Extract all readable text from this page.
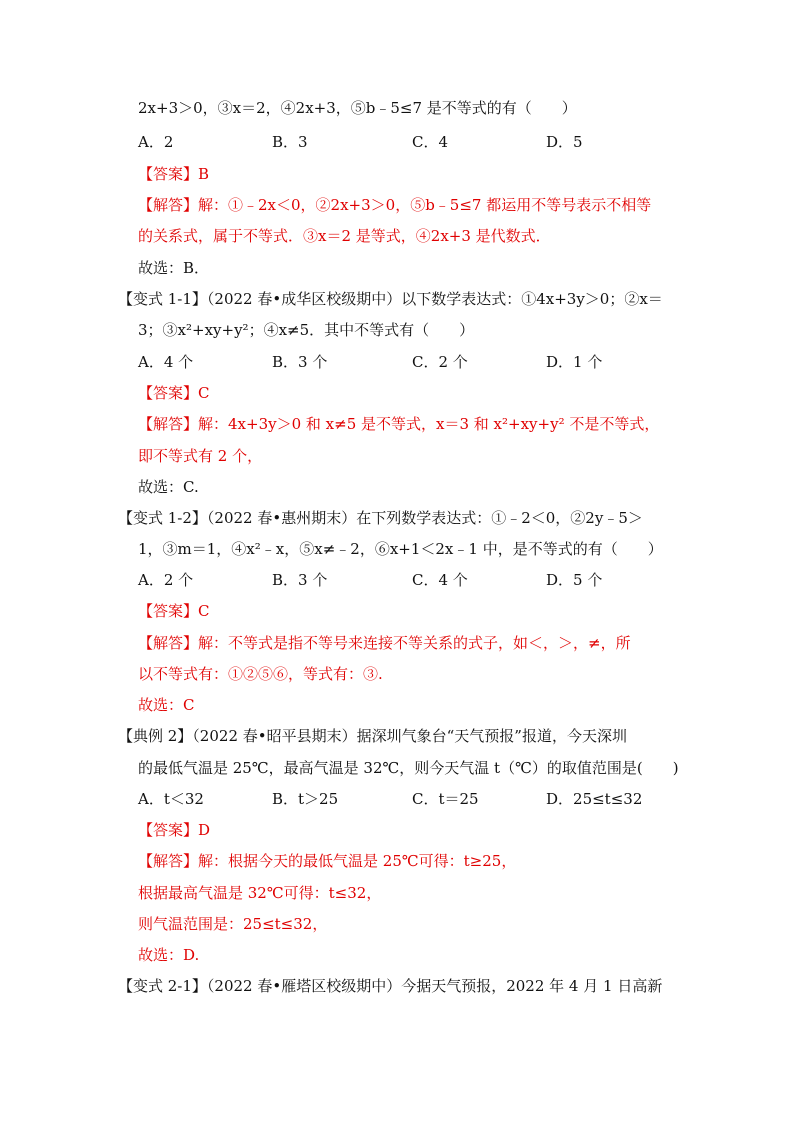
2x+3＞0，③x＝2，④2x+3，⑤b﹣5≤7 是不等式的有（　　）
A．2	B．3	C．4	D．5
【答案】B
【解答】解：①﹣2x＜0，②2x+3＞0，⑤b﹣5≤7 都运用不等号表示不相等
的关系式，属于不等式．③x＝2 是等式，④2x+3 是代数式．
故选：B．
【变式 1-1】（2022 春•成华区校级期中）以下数学表达式：①4x+3y＞0；②x＝
3；③x²+xy+y²；④x≠5．其中不等式有（　　）
A．4 个	B．3 个	C．2 个	D．1 个
【答案】C
【解答】解：4x+3y＞0 和 x≠5 是不等式，x＝3 和 x²+xy+y² 不是不等式，
即不等式有 2 个，
故选：C.
【变式 1-2】（2022 春•惠州期末）在下列数学表达式：①﹣2＜0，②2y﹣5＞
1，③m＝1，④x²﹣x，⑤x≠﹣2，⑥x+1＜2x﹣1 中，是不等式的有（　　）
A．2 个	B．3 个	C．4 个	D．5 个
【答案】C
【解答】解：不等式是指不等号来连接不等关系的式子，如＜，＞，≠，所
以不等式有：①②⑤⑥，等式有：③.
故选：C
【典例 2】（2022 春•昭平县期末）据深圳气象台“天气预报”报道，今天深圳
的最低气温是 25℃，最高气温是 32℃，则今天气温 t（℃）的取值范围是(　　)
A．t＜32	B．t＞25	C．t＝25	D．25≤t≤32
【答案】D
【解答】解：根据今天的最低气温是 25℃可得：t≥25，
根据最高气温是 32℃可得：t≤32，
则气温范围是：25≤t≤32，
故选：D.
【变式 2-1】（2022 春•雁塔区校级期中）今据天气预报，2022 年 4 月 1 日高新
